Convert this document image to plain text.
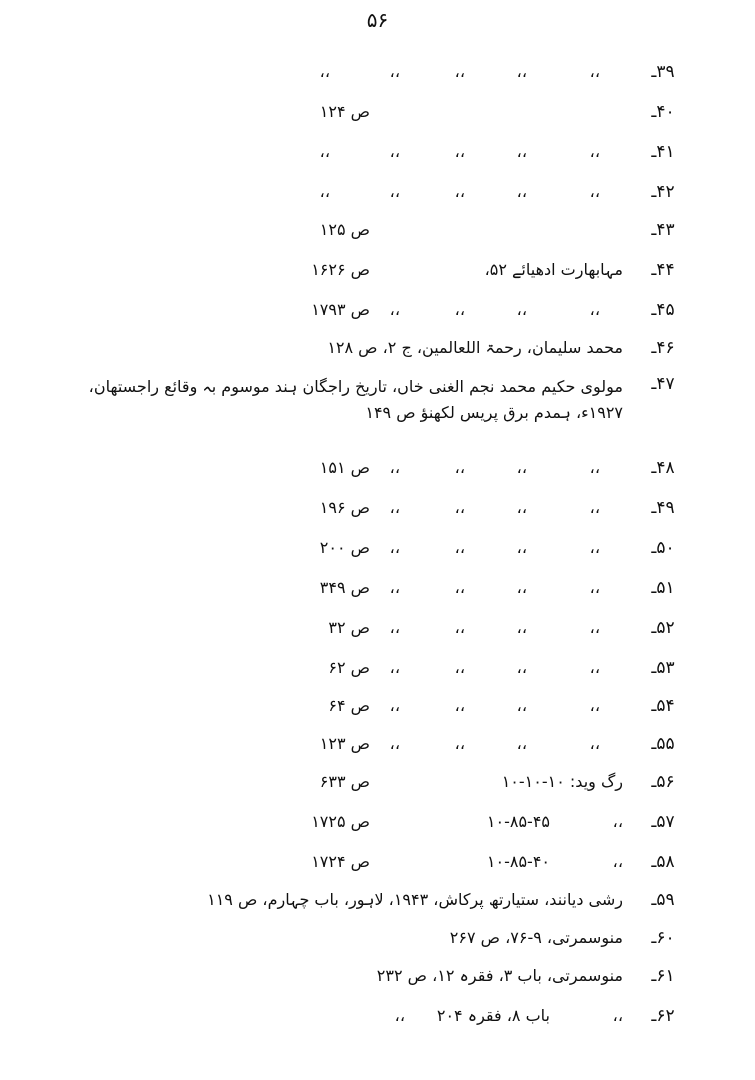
۵۶
۳۹ـ
،،
،،
،،
،،
،،
۴۰ـ
ص ۱۲۴
۴۱ـ
،،
،،
،،
،،
،،
۴۲ـ
،،
،،
،،
،،
،،
۴۳ـ
ص ۱۲۵
۴۴ـ
مہابھارت ادھیائے ۵۲،
ص ۱۶۲۶
۴۵ـ
،،
،،
،،
،،
ص ۱۷۹۳
۴۶ـ
محمد سلیمان، رحمۃ اللعالمین، ج ۲، ص ۱۲۸
۴۷ـ
مولوی حکیم محمد نجم الغنی خاں، تاریخ راجگان ہند موسوم بہ وقائع راجستھان، ۱۹۲۷ء، ہمدم برق پریس لکھنؤ ص ۱۴۹
۴۸ـ
،،
،،
،،
،،
ص ۱۵۱
۴۹ـ
،،
،،
،،
،،
ص ۱۹۶
۵۰ـ
،،
،،
،،
،،
ص ۲۰۰
۵۱ـ
،،
،،
،،
،،
ص ۳۴۹
۵۲ـ
،،
،،
،،
،،
ص ۳۲
۵۳ـ
،،
،،
،،
،،
ص ۶۲
۵۴ـ
،،
،،
،،
،،
ص ۶۴
۵۵ـ
،،
،،
،،
،،
ص ۱۲۳
۵۶ـ
رگ وید: ۱۰-۱۰-۱۰
ص ۶۳۳
۵۷ـ
،،
۱۰-۸۵-۴۵
ص ۱۷۲۵
۵۸ـ
،،
۱۰-۸۵-۴۰
ص ۱۷۲۴
۵۹ـ
رشی دیانند، ستیارتھ پرکاش، ۱۹۴۳، لاہور، باب چہارم، ص ۱۱۹
۶۰ـ
منوسمرتی، ۹-۷۶، ص ۲۶۷
۶۱ـ
منوسمرتی، باب ۳، فقرہ ۱۲، ص ۲۳۲
۶۲ـ
،،
باب ۸، فقرہ ۲۰۴
،،
